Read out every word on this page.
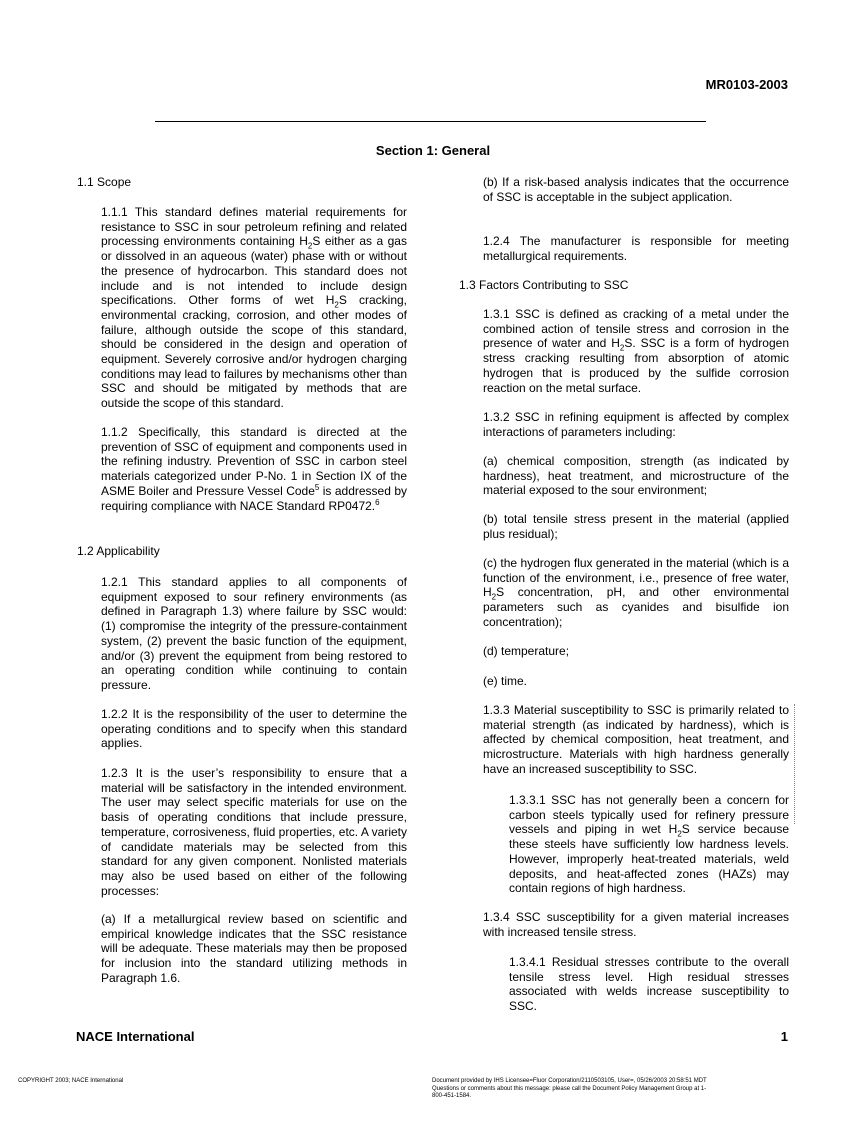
MR0103-2003
Section 1: General
1.1 Scope
1.1.1 This standard defines material requirements for resistance to SSC in sour petroleum refining and related processing environments containing $H_2S$ either as a gas or dissolved in an aqueous (water) phase with or without the presence of hydrocarbon. This standard does not include and is not intended to include design specifications. Other forms of wet $H_2S$ cracking, environmental cracking, corrosion, and other modes of failure, although outside the scope of this standard, should be considered in the design and operation of equipment. Severely corrosive and/or hydrogen charging conditions may lead to failures by mechanisms other than SSC and should be mitigated by methods that are outside the scope of this standard.
1.1.2 Specifically, this standard is directed at the prevention of SSC of equipment and components used in the refining industry. Prevention of SSC in carbon steel materials categorized under P-No. 1 in Section IX of the ASME Boiler and Pressure Vessel Code$^5$ is addressed by requiring compliance with NACE Standard RP0472.$^6$
1.2 Applicability
1.2.1 This standard applies to all components of equipment exposed to sour refinery environments (as defined in Paragraph 1.3) where failure by SSC would: (1) compromise the integrity of the pressure-containment system, (2) prevent the basic function of the equipment, and/or (3) prevent the equipment from being restored to an operating condition while continuing to contain pressure.
1.2.2 It is the responsibility of the user to determine the operating conditions and to specify when this standard applies.
1.2.3 It is the user’s responsibility to ensure that a material will be satisfactory in the intended environment. The user may select specific materials for use on the basis of operating conditions that include pressure, temperature, corrosiveness, fluid properties, etc. A variety of candidate materials may be selected from this standard for any given component. Nonlisted materials may also be used based on either of the following processes:
(a) If a metallurgical review based on scientific and empirical knowledge indicates that the SSC resistance will be adequate. These materials may then be proposed for inclusion into the standard utilizing methods in Paragraph 1.6.
(b) If a risk-based analysis indicates that the occurrence of SSC is acceptable in the subject application.
1.2.4 The manufacturer is responsible for meeting metallurgical requirements.
1.3 Factors Contributing to SSC
1.3.1 SSC is defined as cracking of a metal under the combined action of tensile stress and corrosion in the presence of water and $H_2S$. SSC is a form of hydrogen stress cracking resulting from absorption of atomic hydrogen that is produced by the sulfide corrosion reaction on the metal surface.
1.3.2 SSC in refining equipment is affected by complex interactions of parameters including:
(a) chemical composition, strength (as indicated by hardness), heat treatment, and microstructure of the material exposed to the sour environment;
(b) total tensile stress present in the material (applied plus residual);
(c) the hydrogen flux generated in the material (which is a function of the environment, i.e., presence of free water, $H_2S$ concentration, pH, and other environmental parameters such as cyanides and bisulfide ion concentration);
(d) temperature;
(e) time.
1.3.3 Material susceptibility to SSC is primarily related to material strength (as indicated by hardness), which is affected by chemical composition, heat treatment, and microstructure. Materials with high hardness generally have an increased susceptibility to SSC.
1.3.3.1 SSC has not generally been a concern for carbon steels typically used for refinery pressure vessels and piping in wet $H_2S$ service because these steels have sufficiently low hardness levels. However, improperly heat-treated materials, weld deposits, and heat-affected zones (HAZs) may contain regions of high hardness.
1.3.4 SSC susceptibility for a given material increases with increased tensile stress.
1.3.4.1 Residual stresses contribute to the overall tensile stress level. High residual stresses associated with welds increase susceptibility to SSC.
NACE International	1
COPYRIGHT 2003; NACE International	Document provided by IHS Licensee=Fluor Corporation/2110503105, User=, 05/26/2003 20:58:51 MDT Questions or comments about this message: please call the Document Policy Management Group at 1-800-451-1584.
